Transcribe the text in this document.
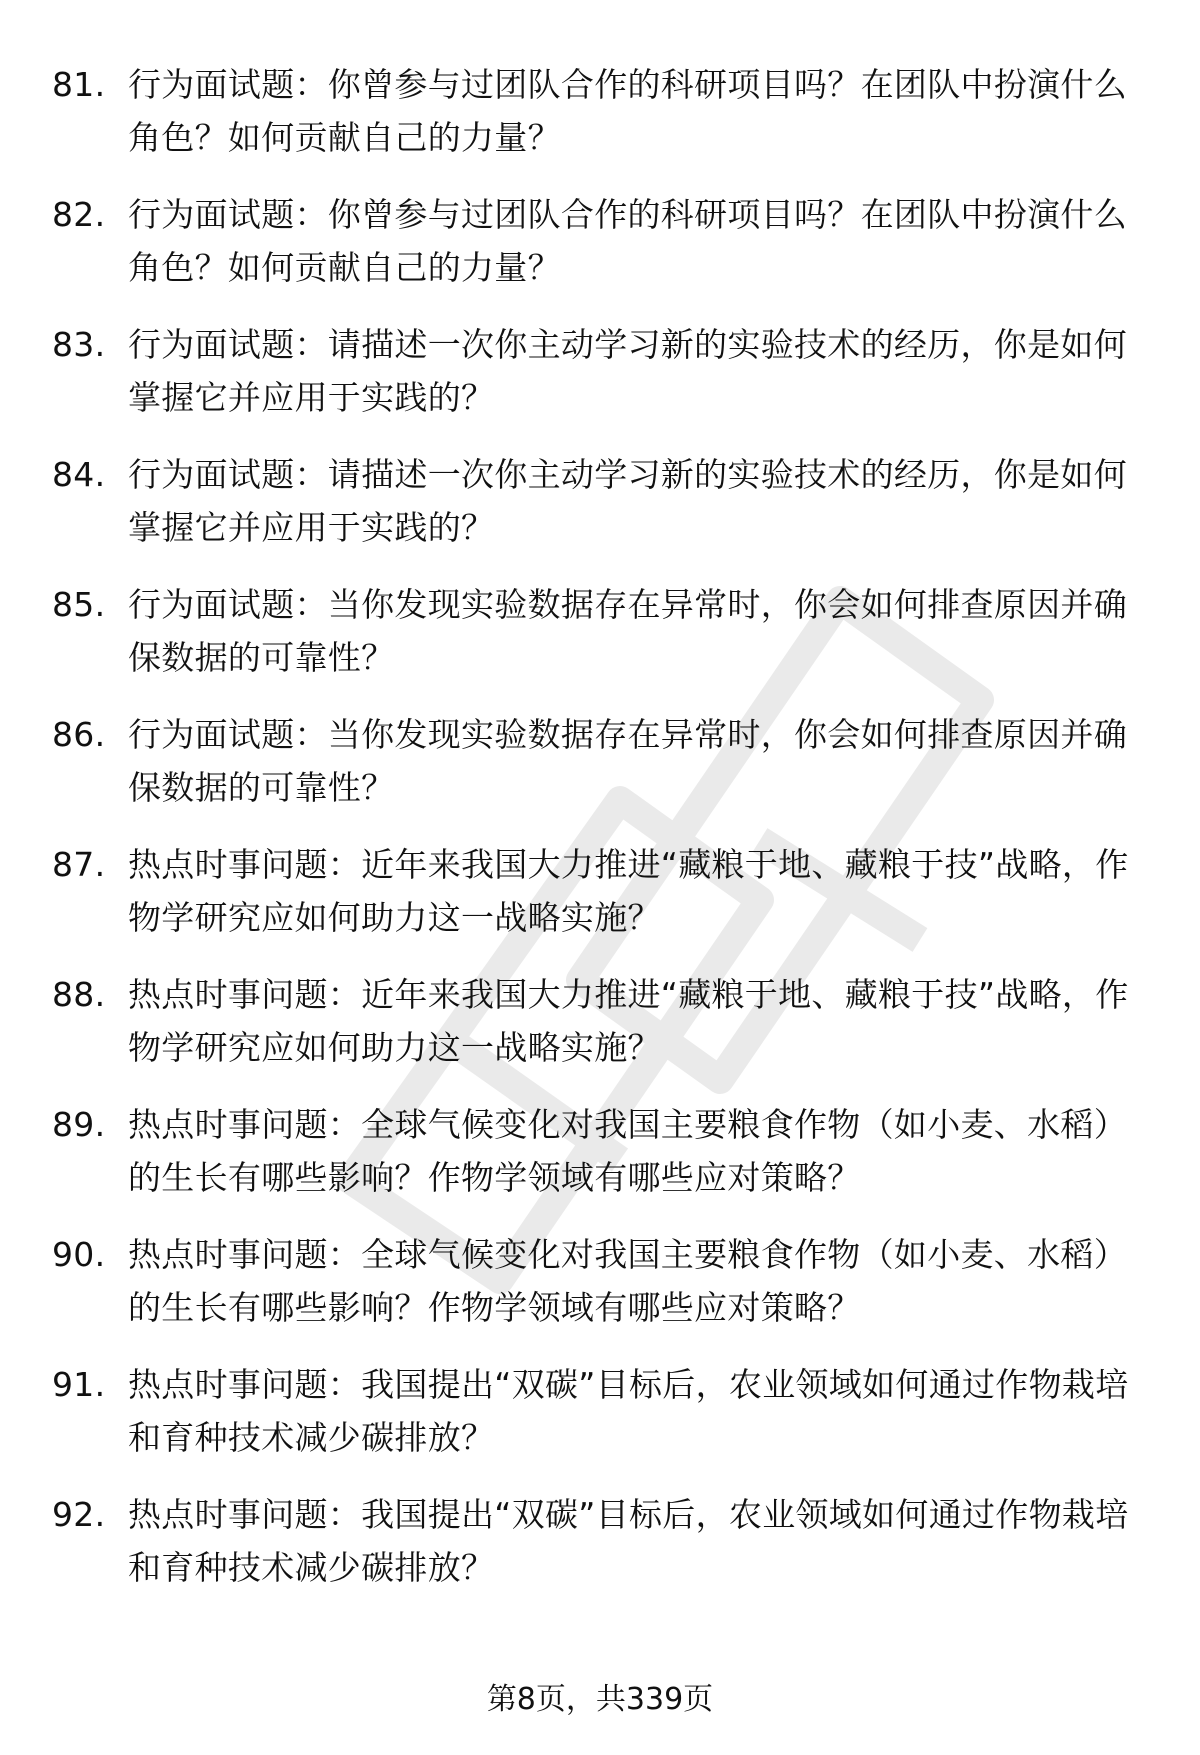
81. 行为面试题：你曾参与过团队合作的科研项目吗？在团队中扮演什么角色？如何贡献自己的力量？
82. 行为面试题：你曾参与过团队合作的科研项目吗？在团队中扮演什么角色？如何贡献自己的力量？
83. 行为面试题：请描述一次你主动学习新的实验技术的经历，你是如何掌握它并应用于实践的？
84. 行为面试题：请描述一次你主动学习新的实验技术的经历，你是如何掌握它并应用于实践的？
85. 行为面试题：当你发现实验数据存在异常时，你会如何排查原因并确保数据的可靠性？
86. 行为面试题：当你发现实验数据存在异常时，你会如何排查原因并确保数据的可靠性？
87. 热点时事问题：近年来我国大力推进“藏粮于地、藏粮于技”战略，作物学研究应如何助力这一战略实施？
88. 热点时事问题：近年来我国大力推进“藏粮于地、藏粮于技”战略，作物学研究应如何助力这一战略实施？
89. 热点时事问题：全球气候变化对我国主要粮食作物（如小麦、水稻）的生长有哪些影响？作物学领域有哪些应对策略？
90. 热点时事问题：全球气候变化对我国主要粮食作物（如小麦、水稻）的生长有哪些影响？作物学领域有哪些应对策略？
91. 热点时事问题：我国提出“双碳”目标后，农业领域如何通过作物栽培和育种技术减少碳排放？
92. 热点时事问题：我国提出“双碳”目标后，农业领域如何通过作物栽培和育种技术减少碳排放？
第8页，共339页
